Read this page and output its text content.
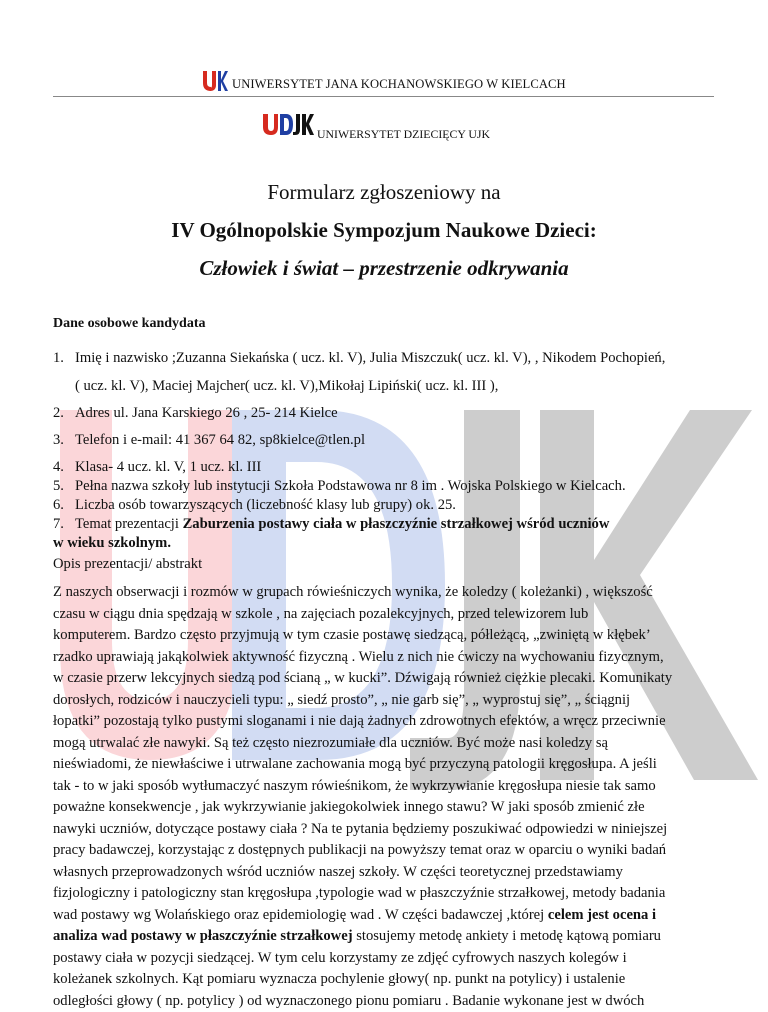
UNIWERSYTET JANA KOCHANOWSKIEGO W KIELCACH
UNIWERSYTET DZIECIĘCY UJK
Formularz zgłoszeniowy na
IV Ogólnopolskie Sympozjum Naukowe Dzieci:
Człowiek i świat – przestrzenie odkrywania
Dane osobowe kandydata
1. Imię i nazwisko ;Zuzanna Siekańska ( ucz. kl. V), Julia Miszczuk( ucz. kl. V), , Nikodem Pochopień,
( ucz. kl. V), Maciej Majcher( ucz. kl. V),Mikołaj Lipiński( ucz. kl. III ),
2. Adres ul. Jana Karskiego 26 , 25- 214 Kielce
3. Telefon i e-mail: 41 367 64 82, sp8kielce@tlen.pl
4. Klasa- 4 ucz. kl. V, 1 ucz. kl. III
5. Pełna nazwa szkoły lub instytucji Szkoła Podstawowa nr 8 im . Wojska Polskiego w Kielcach.
6. Liczba osób towarzyszących (liczebność klasy lub grupy) ok. 25.
7. Temat prezentacji Zaburzenia postawy ciała w płaszczyźnie strzałkowej wśród uczniów
w wieku szkolnym.
Opis prezentacji/ abstrakt
Z naszych obserwacji i rozmów w grupach rówieśniczych wynika, że koledzy ( koleżanki) , większość
czasu w ciągu dnia spędzają w szkole , na zajęciach pozalekcyjnych, przed telewizorem lub
komputerem. Bardzo często przyjmują w tym czasie postawę siedzącą, półleżącą, „zwiniętą w kłębek’
rzadko uprawiają jakąkolwiek aktywność fizyczną . Wielu z nich nie ćwiczy na wychowaniu fizycznym,
w czasie przerw lekcyjnych siedzą pod ścianą „ w kucki”. Dźwigają również ciężkie plecaki. Komunikaty
dorosłych, rodziców i nauczycieli typu: „ siedź prosto”, „ nie garb się”, „ wyprostuj się”, „ ściągnij
łopatki” pozostają tylko pustymi sloganami i nie dają żadnych zdrowotnych efektów, a wręcz przeciwnie
mogą utrwalać złe nawyki. Są też często niezrozumiałe dla uczniów. Być może nasi koledzy są
nieświadomi, że niewłaściwe i utrwalane zachowania mogą być przyczyną patologii kręgosłupa. A jeśli
tak - to w jaki sposób wytłumaczyć naszym rówieśnikom, że wykrzywianie kręgosłupa niesie tak samo
poważne konsekwencje , jak wykrzywianie jakiegokolwiek innego stawu? W jaki sposób zmienić złe
nawyki uczniów, dotyczące postawy ciała ? Na te pytania będziemy poszukiwać odpowiedzi w niniejszej
pracy badawczej, korzystając z dostępnych publikacji na powyższy temat oraz w oparciu o wyniki badań
własnych przeprowadzonych wśród uczniów naszej szkoły. W części teoretycznej przedstawiamy
fizjologiczny i patologiczny stan kręgosłupa ,typologie wad w płaszczyźnie strzałkowej, metody badania
wad postawy wg Wolańskiego oraz epidemiologię wad . W części badawczej ,której celem jest ocena i
analiza wad postawy w płaszczyźnie strzałkowej stosujemy metodę ankiety i metodę kątową pomiaru
postawy ciała w pozycji siedzącej. W tym celu korzystamy ze zdjęć cyfrowych naszych kolegów i
koleżanek szkolnych. Kąt pomiaru wyznacza pochylenie głowy( np. punkt na potylicy) i ustalenie
odległości głowy ( np. potylicy ) od wyznaczonego pionu pomiaru . Badanie wykonane jest w dwóch
